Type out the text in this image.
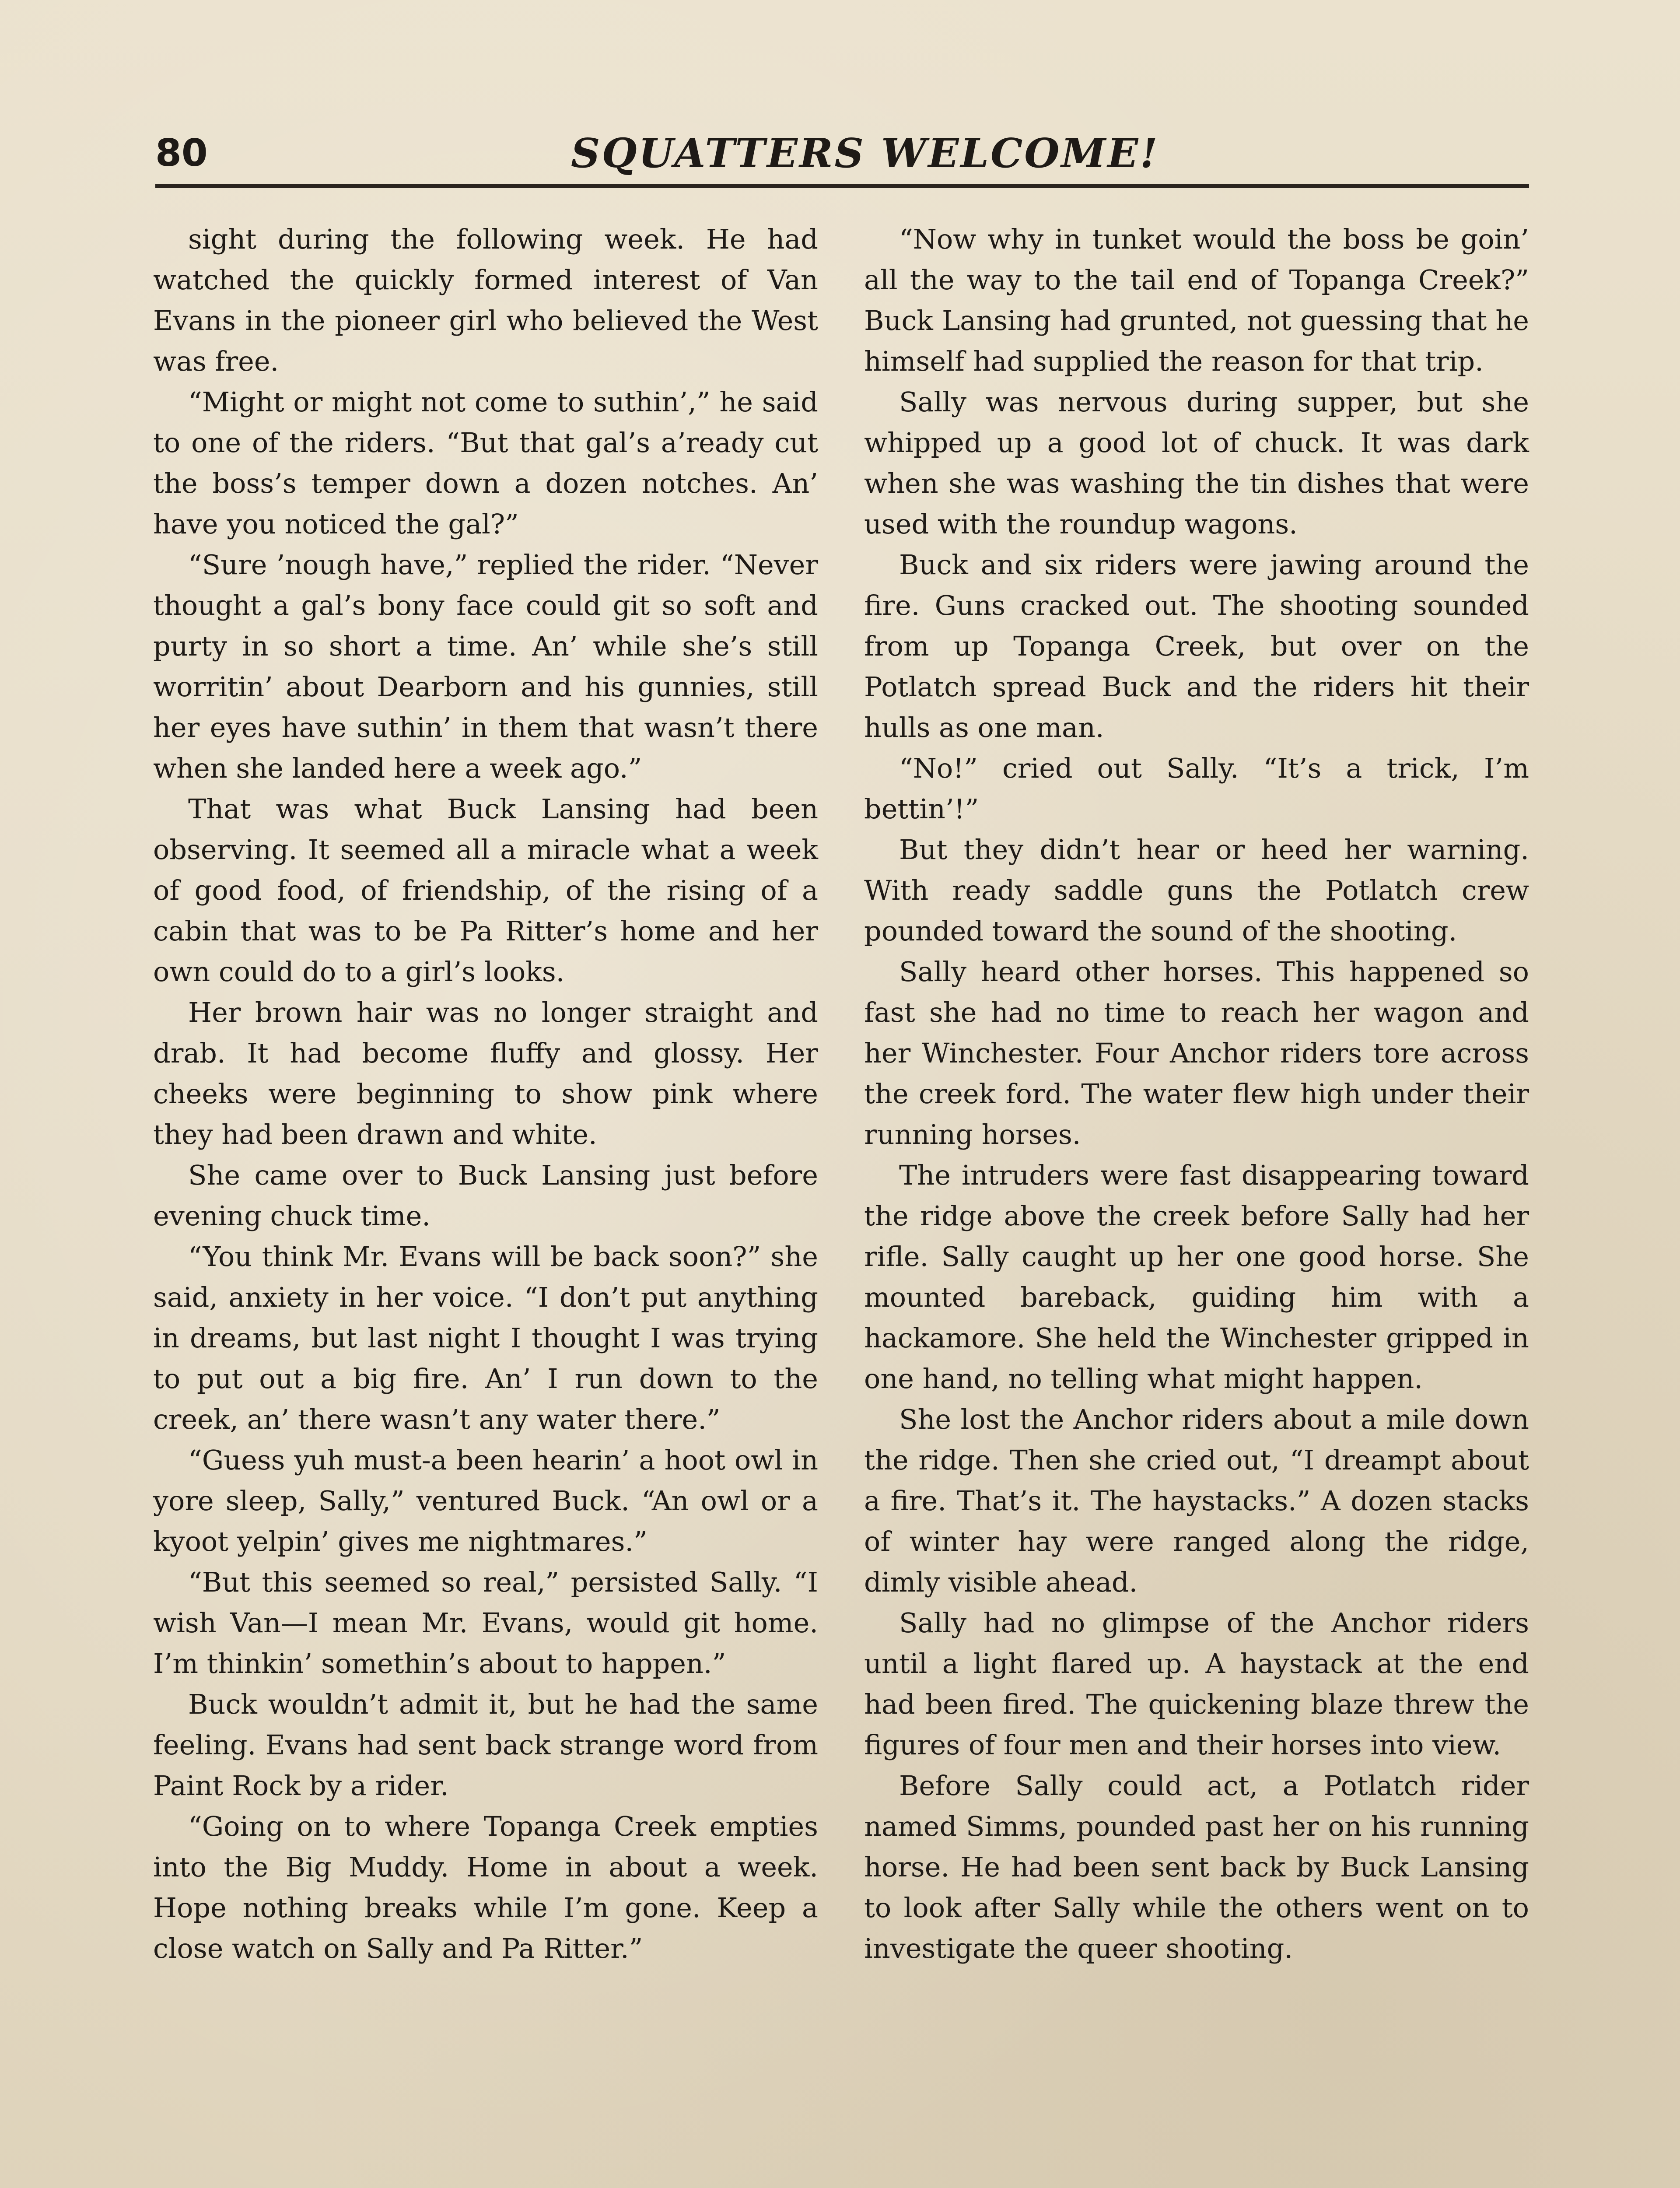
80	SQUATTERS WELCOME!

sight during the following week. He had watched the quickly formed interest of Van Evans in the pioneer girl who believed the West was free.

“Might or might not come to suthin’,” he said to one of the riders. “But that gal’s a’ready cut the boss’s temper down a dozen notches. An’ have you noticed the gal?”

“Sure ’nough have,” replied the rider. “Never thought a gal’s bony face could git so soft and purty in so short a time. An’ while she’s still worritin’ about Dearborn and his gunnies, still her eyes have suthin’ in them that wasn’t there when she landed here a week ago.”

That was what Buck Lansing had been observing. It seemed all a miracle what a week of good food, of friendship, of the rising of a cabin that was to be Pa Ritter’s home and her own could do to a girl’s looks.

Her brown hair was no longer straight and drab. It had become fluffy and glossy. Her cheeks were beginning to show pink where they had been drawn and white.

She came over to Buck Lansing just before evening chuck time.

“You think Mr. Evans will be back soon?” she said, anxiety in her voice. “I don’t put anything in dreams, but last night I thought I was trying to put out a big fire. An’ I run down to the creek, an’ there wasn’t any water there.”

“Guess yuh must-a been hearin’ a hoot owl in yore sleep, Sally,” ventured Buck. “An owl or a kyoot yelpin’ gives me nightmares.”

“But this seemed so real,” persisted Sally. “I wish Van—I mean Mr. Evans, would git home. I’m thinkin’ somethin’s about to happen.”

Buck wouldn’t admit it, but he had the same feeling. Evans had sent back strange word from Paint Rock by a rider.

“Going on to where Topanga Creek empties into the Big Muddy. Home in about a week. Hope nothing breaks while I’m gone. Keep a close watch on Sally and Pa Ritter.”

“Now why in tunket would the boss be goin’ all the way to the tail end of Topanga Creek?” Buck Lansing had grunted, not guessing that he himself had supplied the reason for that trip.

Sally was nervous during supper, but she whipped up a good lot of chuck. It was dark when she was washing the tin dishes that were used with the roundup wagons.

Buck and six riders were jawing around the fire. Guns cracked out. The shooting sounded from up Topanga Creek, but over on the Potlatch spread Buck and the riders hit their hulls as one man.

“No!” cried out Sally. “It’s a trick, I’m bettin’!”

But they didn’t hear or heed her warning. With ready saddle guns the Potlatch crew pounded toward the sound of the shooting.

Sally heard other horses. This happened so fast she had no time to reach her wagon and her Winchester. Four Anchor riders tore across the creek ford. The water flew high under their running horses.

The intruders were fast disappearing toward the ridge above the creek before Sally had her rifle. Sally caught up her one good horse. She mounted bareback, guiding him with a hackamore. She held the Winchester gripped in one hand, no telling what might happen.

She lost the Anchor riders about a mile down the ridge. Then she cried out, “I dreampt about a fire. That’s it. The haystacks.” A dozen stacks of winter hay were ranged along the ridge, dimly visible ahead.

Sally had no glimpse of the Anchor riders until a light flared up. A haystack at the end had been fired. The quickening blaze threw the figures of four men and their horses into view.

Before Sally could act, a Potlatch rider named Simms, pounded past her on his running horse. He had been sent back by Buck Lansing to look after Sally while the others went on to investigate the queer shooting.
